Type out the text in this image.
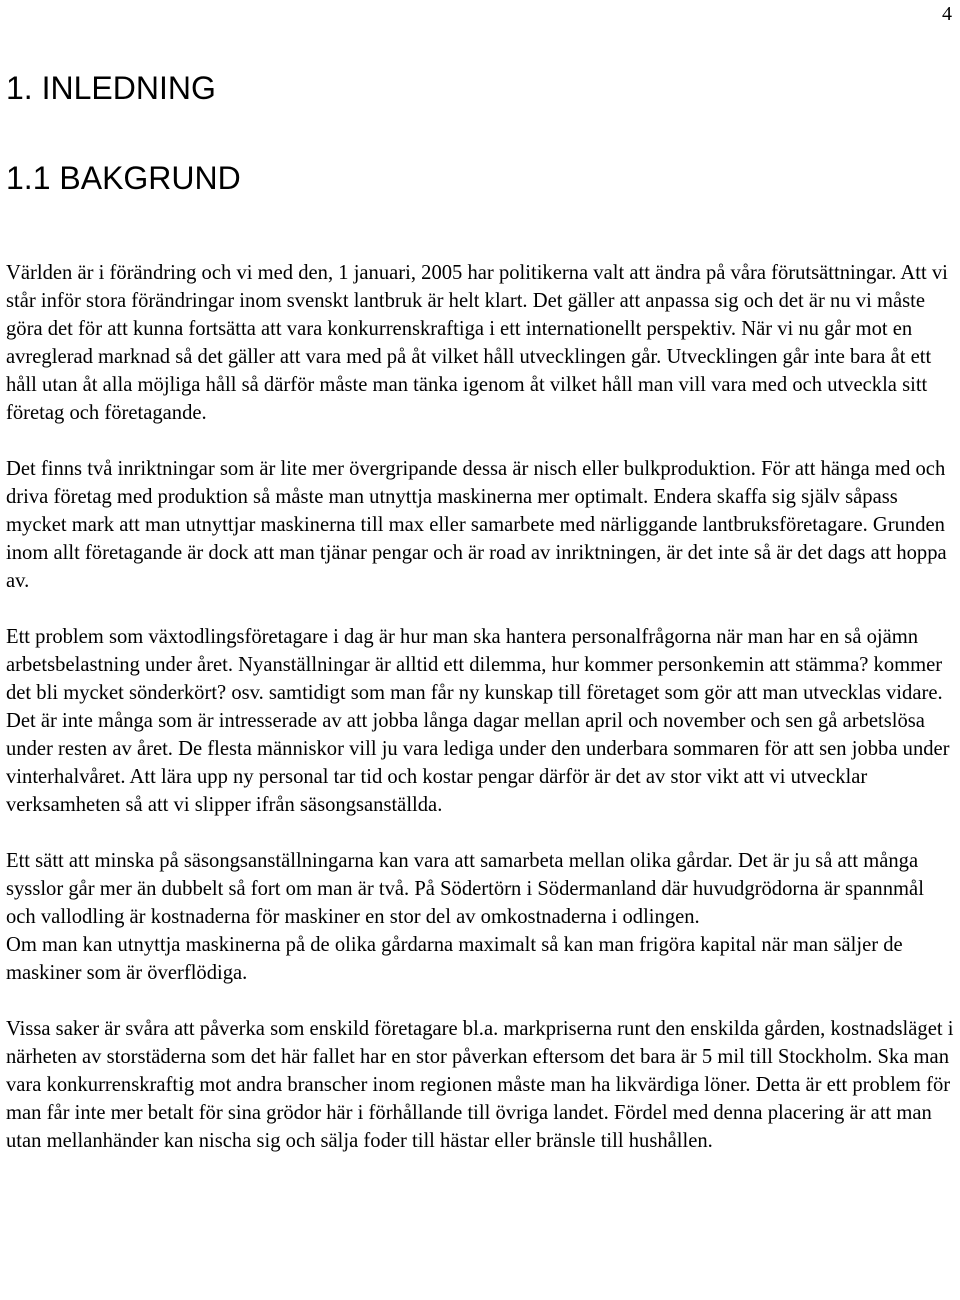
4
1. INLEDNING
1.1 BAKGRUND

Världen är i förändring och vi med den, 1 januari, 2005 har politikerna valt att ändra på våra förutsättningar. Att vi står inför stora förändringar inom svenskt lantbruk är helt klart. Det gäller att anpassa sig och det är nu vi måste göra det för att kunna fortsätta att vara konkurrenskraftiga i ett internationellt perspektiv. När vi nu går mot en avreglerad marknad så det gäller att vara med på åt vilket håll utvecklingen går. Utvecklingen går inte bara åt ett håll utan åt alla möjliga håll så därför måste man tänka igenom åt vilket håll man vill vara med och utveckla sitt företag och företagande.

Det finns två inriktningar som är lite mer övergripande dessa är nisch eller bulkproduktion. För att hänga med och driva företag med produktion så måste man utnyttja maskinerna mer optimalt. Endera skaffa sig själv såpass mycket mark att man utnyttjar maskinerna till max eller samarbete med närliggande lantbruksföretagare. Grunden inom allt företagande är dock att man tjänar pengar och är road av inriktningen, är det inte så är det dags att hoppa av.

Ett problem som växtodlingsföretagare i dag är hur man ska hantera personalfrågorna när man har en så ojämn arbetsbelastning under året. Nyanställningar är alltid ett dilemma, hur kommer personkemin att stämma? kommer det bli mycket sönderkört? osv. samtidigt som man får ny kunskap till företaget som gör att man utvecklas vidare.

Det är inte många som är intresserade av att jobba långa dagar mellan april och november och sen gå arbetslösa under resten av året. De flesta människor vill ju vara lediga under den underbara sommaren för att sen jobba under vinterhalvåret. Att lära upp ny personal tar tid och kostar pengar därför är det av stor vikt att vi utvecklar verksamheten så att vi slipper ifrån säsongsanställda.

Ett sätt att minska på säsongsanställningarna kan vara att samarbeta mellan olika gårdar. Det är ju så att många sysslor går mer än dubbelt så fort om man är två. På Södertörn i Södermanland där huvudgrödorna är spannmål och vallodling är kostnaderna för maskiner en stor del av omkostnaderna i odlingen.

Om man kan utnyttja maskinerna på de olika gårdarna maximalt så kan man frigöra kapital när man säljer de maskiner som är överflödiga.

Vissa saker är svåra att påverka som enskild företagare bl.a. markpriserna runt den enskilda gården, kostnadsläget i närheten av storstäderna som det här fallet har en stor påverkan eftersom det bara är 5 mil till Stockholm. Ska man vara konkurrenskraftig mot andra branscher inom regionen måste man ha likvärdiga löner. Detta är ett problem för man får inte mer betalt för sina grödor här i förhållande till övriga landet. Fördel med denna placering är att man utan mellanhänder kan nischa sig och sälja foder till hästar eller bränsle till hushållen.
